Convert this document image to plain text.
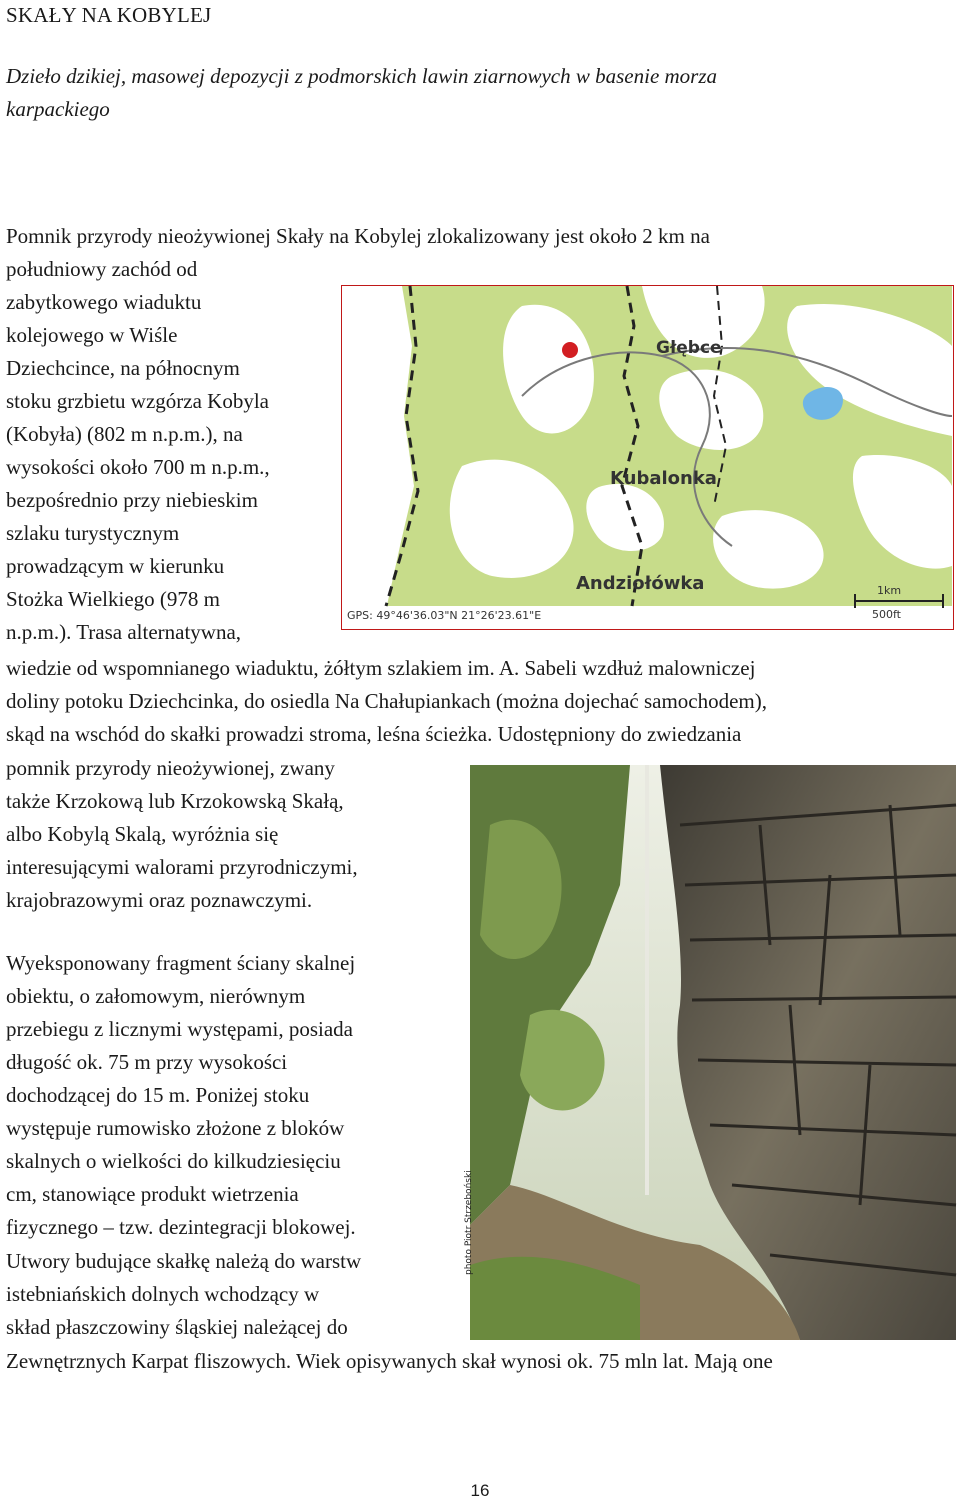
SKAŁY NA KOBYLEJ
Dzieło dzikiej, masowej depozycji z podmorskich lawin ziarnowych w basenie morza
karpackiego
Pomnik przyrody nieożywionej Skały na Kobylej zlokalizowany jest około 2 km na
południowy zachód od
zabytkowego wiaduktu
kolejowego w Wiśle
Dziechcince, na północnym
stoku grzbietu wzgórza Kobyla
(Kobyła) (802 m n.p.m.), na
wysokości około 700 m n.p.m.,
bezpośrednio przy niebieskim
szlaku turystycznym
prowadzącym w kierunku
Stożka Wielkiego (978 m
n.p.m.). Trasa alternatywna,
wiedzie od wspomnianego wiaduktu, żółtym szlakiem im. A. Sabeli wzdłuż malowniczej
doliny potoku Dziechcinka, do osiedla Na Chałupiankach (można dojechać samochodem),
skąd na wschód do skałki prowadzi stroma, leśna ścieżka. Udostępniony do zwiedzania
pomnik przyrody nieożywionej, zwany
także Krzokową lub Krzokowską Skałą,
albo Kobylą Skalą, wyróżnia się
interesującymi walorami przyrodniczymi,
krajobrazowymi oraz poznawczymi.
Wyeksponowany fragment ściany skalnej
obiektu, o załomowym, nierównym
przebiegu z licznymi występami, posiada
długość ok. 75 m przy wysokości
dochodzącej do 15 m. Poniżej stoku
występuje rumowisko złożone z bloków
skalnych o wielkości do kilkudziesięciu
cm, stanowiące produkt wietrzenia
fizycznego – tzw. dezintegracji blokowej.
Utwory budujące skałkę należą do warstw
istebniańskich dolnych wchodzący w
skład płaszczowiny śląskiej należącej do
Zewnętrznych Karpat fliszowych. Wiek opisywanych skał wynosi ok. 75 mln lat. Mają one
Głębce
Kubalonka
Andziołówka
GPS: 49°46'36.03"N 21°26'23.61"E
1km
500ft
photo Piotr Strzeboński
16
